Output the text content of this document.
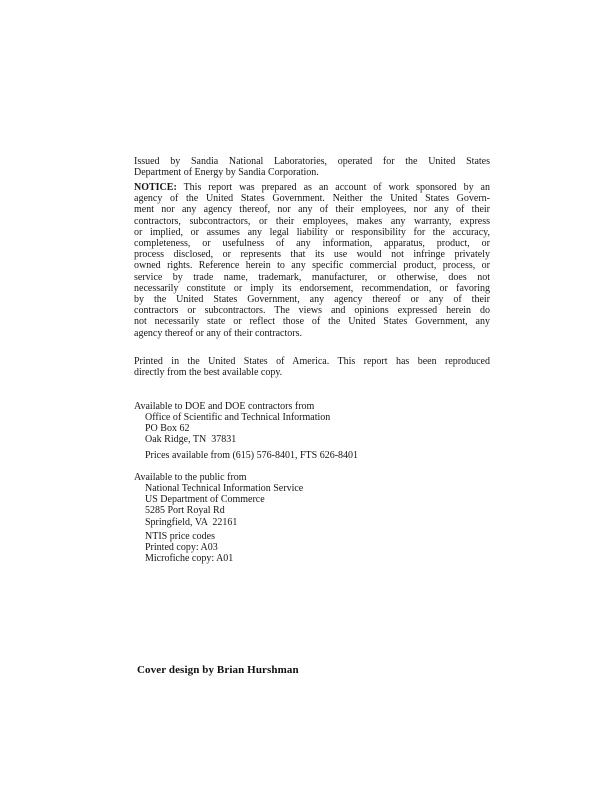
Issued by Sandia National Laboratories, operated for the United States
Department of Energy by Sandia Corporation.
NOTICE: This report was prepared as an account of work sponsored by an
agency of the United States Government. Neither the United States Govern-
ment nor any agency thereof, nor any of their employees, nor any of their
contractors, subcontractors, or their employees, makes any warranty, express
or implied, or assumes any legal liability or responsibility for the accuracy,
completeness, or usefulness of any information, apparatus, product, or
process disclosed, or represents that its use would not infringe privately
owned rights. Reference herein to any specific commercial product, process, or
service by trade name, trademark, manufacturer, or otherwise, does not
necessarily constitute or imply its endorsement, recommendation, or favoring
by the United States Government, any agency thereof or any of their
contractors or subcontractors. The views and opinions expressed herein do
not necessarily state or reflect those of the United States Government, any
agency thereof or any of their contractors.
Printed in the United States of America. This report has been reproduced
directly from the best available copy.
Available to DOE and DOE contractors from
Office of Scientific and Technical Information
PO Box 62
Oak Ridge, TN  37831
Prices available from (615) 576-8401, FTS 626-8401
Available to the public from
National Technical Information Service
US Department of Commerce
5285 Port Royal Rd
Springfield, VA  22161
NTIS price codes
Printed copy: A03
Microfiche copy: A01
Cover design by Brian Hurshman
